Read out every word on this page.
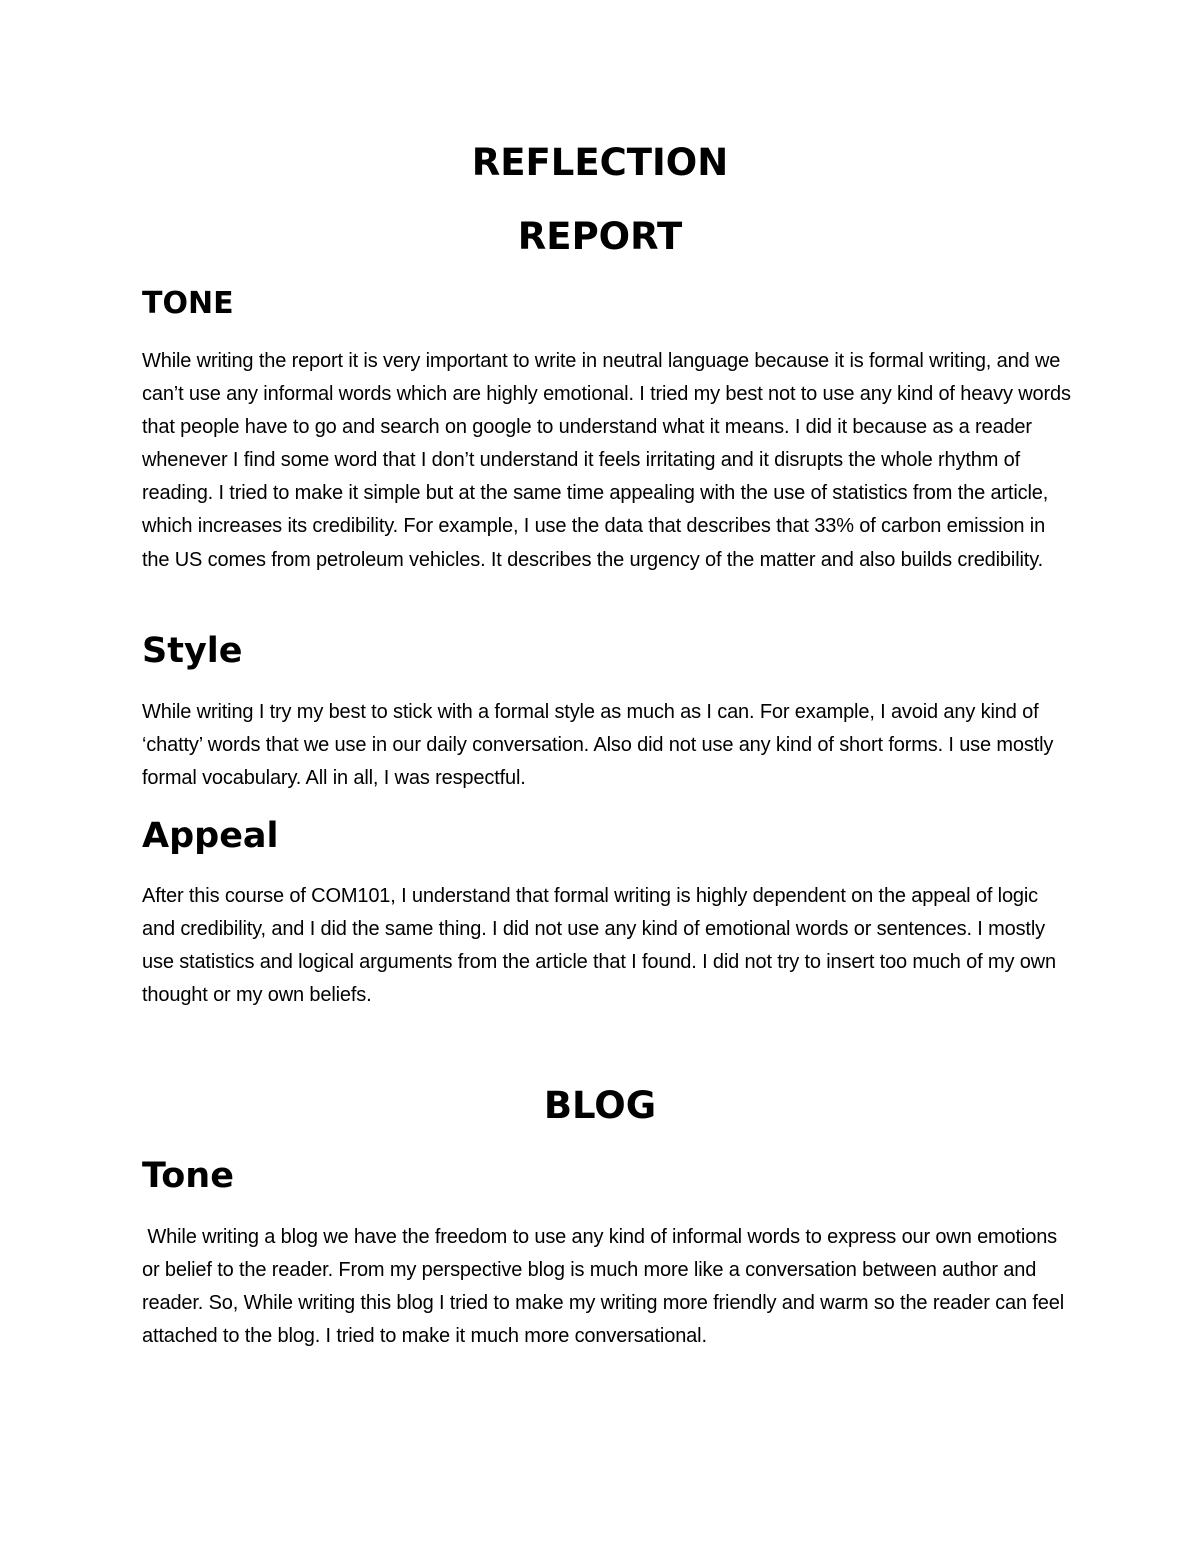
REFLECTION
REPORT
TONE

While writing the report it is very important to write in neutral language because it is formal writing, and we can’t use any informal words which are highly emotional. I tried my best not to use any kind of heavy words that people have to go and search on google to understand what it means. I did it because as a reader whenever I find some word that I don’t understand it feels irritating and it disrupts the whole rhythm of reading. I tried to make it simple but at the same time appealing with the use of statistics from the article, which increases its credibility. For example, I use the data that describes that 33% of carbon emission in the US comes from petroleum vehicles. It describes the urgency of the matter and also builds credibility.

Style

While writing I try my best to stick with a formal style as much as I can. For example, I avoid any kind of ‘chatty’ words that we use in our daily conversation. Also did not use any kind of short forms. I use mostly formal vocabulary. All in all, I was respectful.

Appeal

After this course of COM101, I understand that formal writing is highly dependent on the appeal of logic and credibility, and I did the same thing. I did not use any kind of emotional words or sentences. I mostly use statistics and logical arguments from the article that I found. I did not try to insert too much of my own thought or my own beliefs.

BLOG
Tone

While writing a blog we have the freedom to use any kind of informal words to express our own emotions or belief to the reader. From my perspective blog is much more like a conversation between author and reader. So, While writing this blog I tried to make my writing more friendly and warm so the reader can feel attached to the blog. I tried to make it much more conversational.
